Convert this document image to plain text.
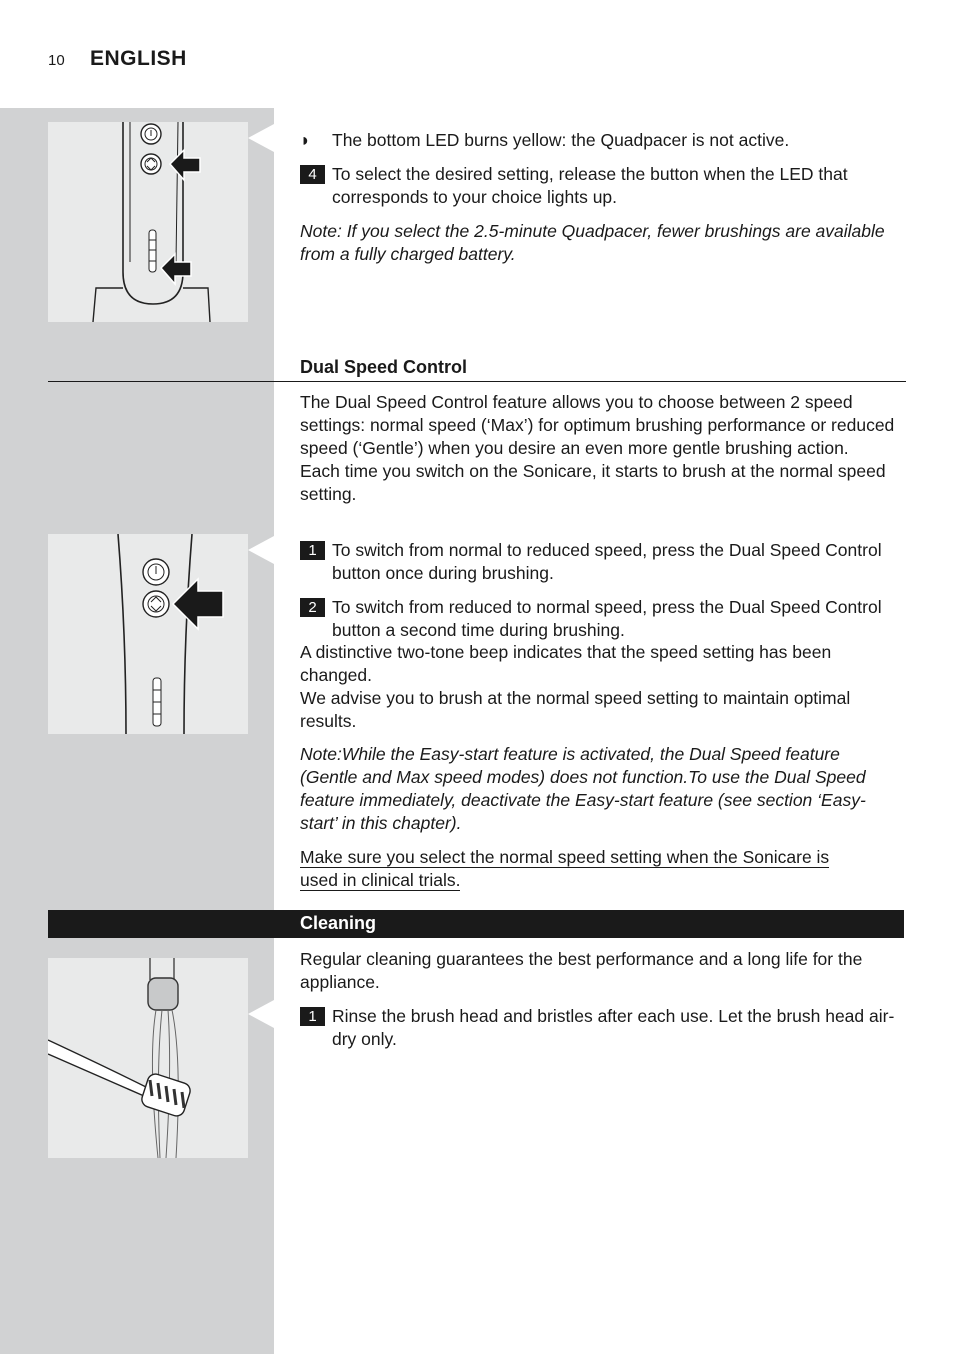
10 ENGLISH
◗	The bottom LED burns yellow: the Quadpacer is not active.
4 To select the desired setting, release the button when the LED that corresponds to your choice lights up.
Note: If you select the 2.5-minute Quadpacer, fewer brushings are available from a fully charged battery.
Dual Speed Control

The Dual Speed Control feature allows you to choose between 2 speed settings: normal speed (‘Max’) for optimum brushing performance or reduced speed (‘Gentle’) when you desire an even more gentle brushing action.

Each time you switch on the Sonicare, it starts to brush at the normal speed setting.

1 To switch from normal to reduced speed, press the Dual Speed Control button once during brushing.
2 To switch from reduced to normal speed, press the Dual Speed Control button a second time during brushing.

A distinctive two-tone beep indicates that the speed setting has been changed.

We advise you to brush at the normal speed setting to maintain optimal results.

Note:While the Easy-start feature is activated, the Dual Speed feature (Gentle and Max speed modes) does not function.To use the Dual Speed feature immediately, deactivate the Easy-start feature (see section ‘Easy-start’ in this chapter).
Make sure you select the normal speed setting when the Sonicare is used in clinical trials.
Cleaning
Regular cleaning guarantees the best performance and a long life for the appliance.
1 Rinse the brush head and bristles after each use. Let the brush head air-dry only.
